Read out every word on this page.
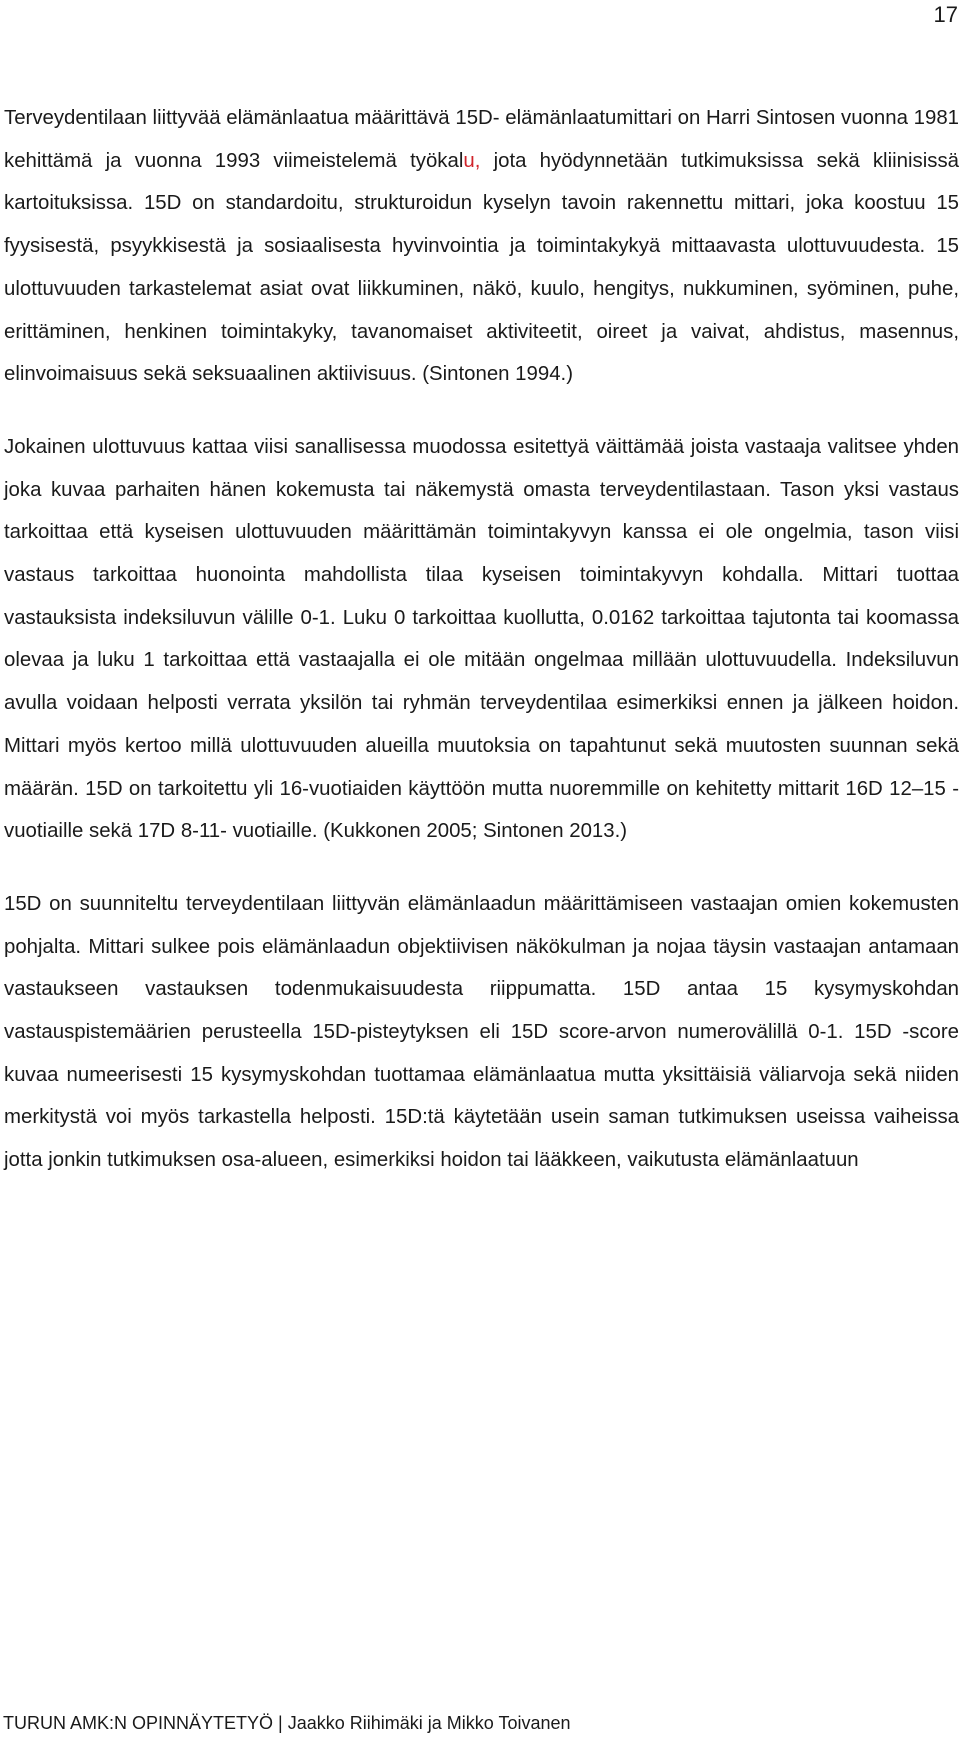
17

Terveydentilaan liittyvää elämänlaatua määrittävä 15D- elämänlaatumittari on Harri Sintosen vuonna 1981 kehittämä ja vuonna 1993 viimeistelemä työkalu, jota hyödynnetään tutkimuksissa sekä kliinisissä kartoituksissa. 15D on standardoitu, strukturoidun kyselyn tavoin rakennettu mittari, joka koostuu 15 fyysisestä, psyykkisestä ja sosiaalisesta hyvinvointia ja toimintakykyä mittaavasta ulottuvuudesta. 15 ulottuvuuden tarkastelemat asiat ovat liikkuminen, näkö, kuulo, hengitys, nukkuminen, syöminen, puhe, erittäminen, henkinen toimintakyky, tavanomaiset aktiviteetit, oireet ja vaivat, ahdistus, masennus, elinvoimaisuus sekä seksuaalinen aktiivisuus. (Sintonen 1994.)

Jokainen ulottuvuus kattaa viisi sanallisessa muodossa esitettyä väittämää joista vastaaja valitsee yhden joka kuvaa parhaiten hänen kokemusta tai näkemystä omasta terveydentilastaan. Tason yksi vastaus tarkoittaa että kyseisen ulottuvuuden määrittämän toimintakyvyn kanssa ei ole ongelmia, tason viisi vastaus tarkoittaa huonointa mahdollista tilaa kyseisen toimintakyvyn kohdalla. Mittari tuottaa vastauksista indeksiluvun välille 0-1. Luku 0 tarkoittaa kuollutta, 0.0162 tarkoittaa tajutonta tai koomassa olevaa ja luku 1 tarkoittaa että vastaajalla ei ole mitään ongelmaa millään ulottuvuudella. Indeksiluvun avulla voidaan helposti verrata yksilön tai ryhmän terveydentilaa esimerkiksi ennen ja jälkeen hoidon. Mittari myös kertoo millä ulottuvuuden alueilla muutoksia on tapahtunut sekä muutosten suunnan sekä määrän. 15D on tarkoitettu yli 16-vuotiaiden käyttöön mutta nuoremmille on kehitetty mittarit 16D 12–15 -vuotiaille sekä 17D 8-11- vuotiaille. (Kukkonen 2005; Sintonen 2013.)

15D on suunniteltu terveydentilaan liittyvän elämänlaadun määrittämiseen vastaajan omien kokemusten pohjalta. Mittari sulkee pois elämänlaadun objektiivisen näkökulman ja nojaa täysin vastaajan antamaan vastaukseen vastauksen todenmukaisuudesta riippumatta. 15D antaa 15 kysymyskohdan vastauspistemäärien perusteella 15D-pisteytyksen eli 15D score-arvon numerovälillä 0-1. 15D -score kuvaa numeerisesti 15 kysymyskohdan tuottamaa elämänlaatua mutta yksittäisiä väliarvoja sekä niiden merkitystä voi myös tarkastella helposti. 15D:tä käytetään usein saman tutkimuksen useissa vaiheissa jotta jonkin tutkimuksen osa-alueen, esimerkiksi hoidon tai lääkkeen, vaikutusta elämänlaatuun

TURUN AMK:N OPINNÄYTETYÖ | Jaakko Riihimäki ja Mikko Toivanen
